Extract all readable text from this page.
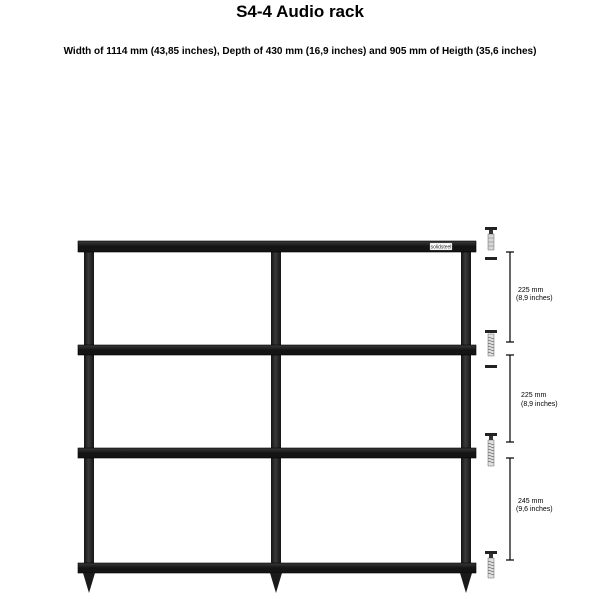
S4-4 Audio rack
Width of 1114 mm (43,85 inches), Depth of 430 mm (16,9 inches) and 905 mm of Heigth (35,6 inches)
solidsteel
225 mm
(8,9 inches)
225 mm
(8,9 inches)
245 mm
(9,6 inches)
